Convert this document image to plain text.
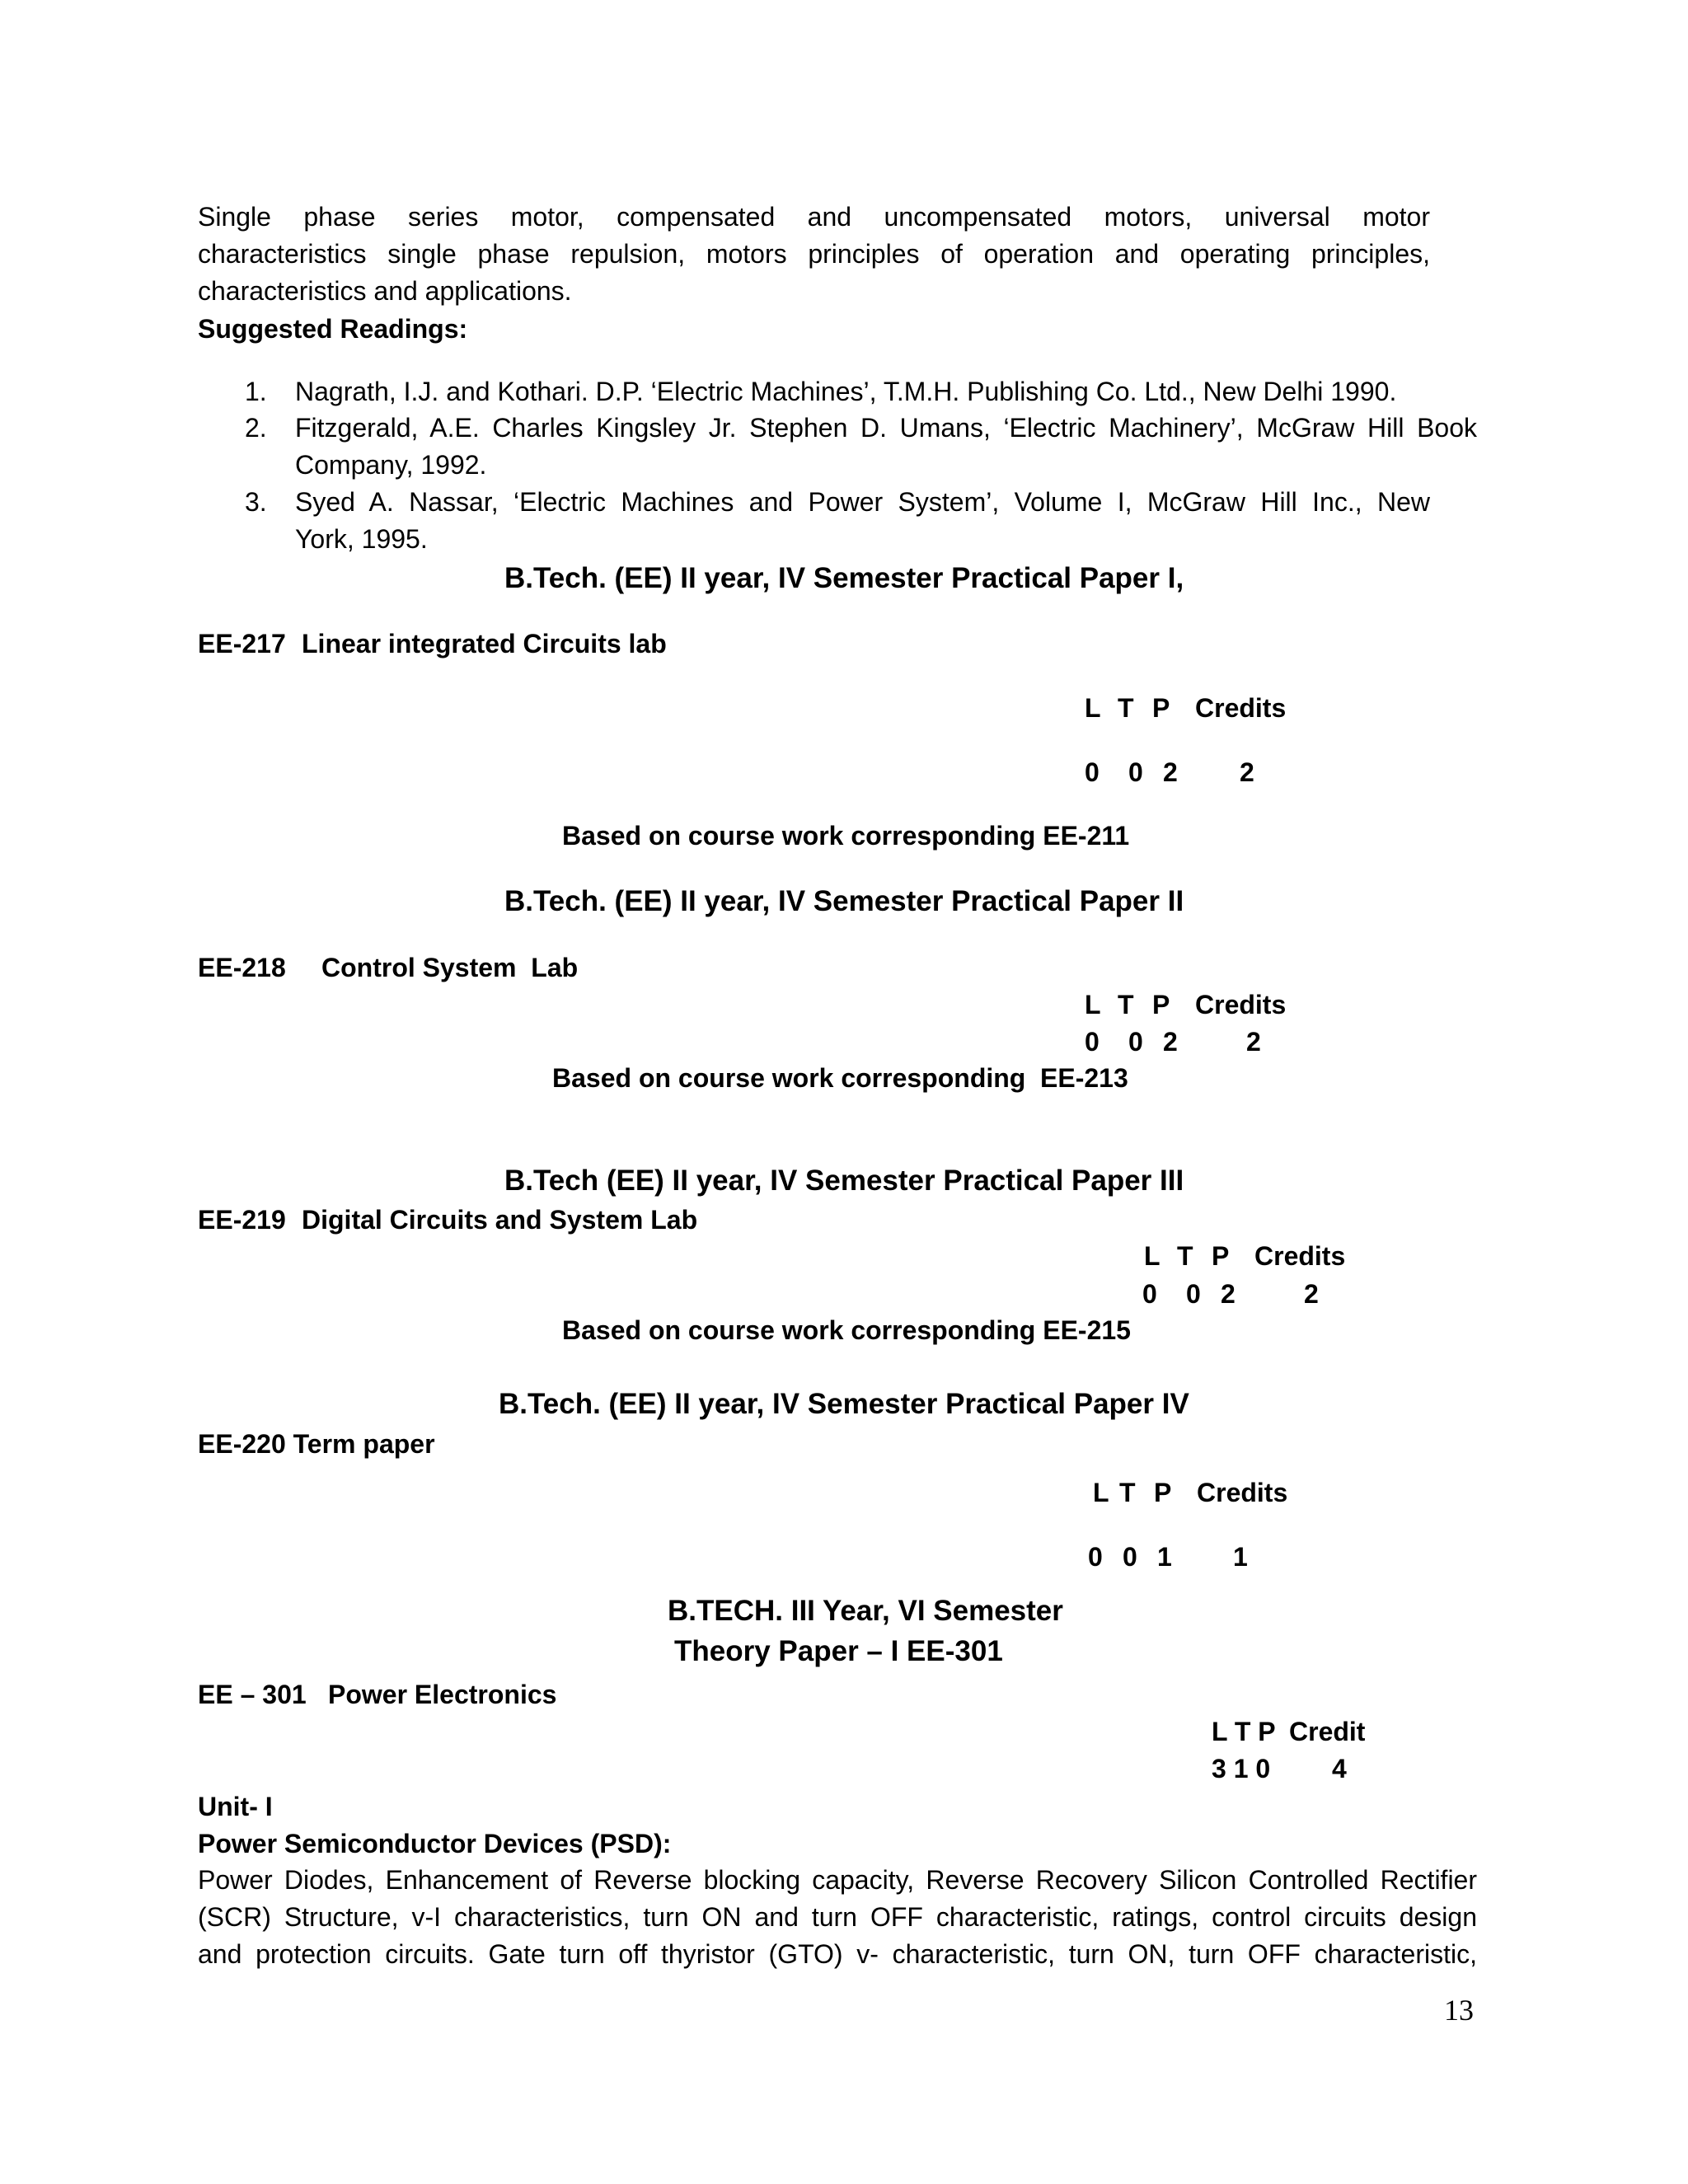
Single phase series motor, compensated and uncompensated motors, universal motor
characteristics single phase repulsion, motors principles of operation and operating principles,
characteristics and applications.
Suggested Readings:
1. Nagrath, I.J. and Kothari. D.P. ‘Electric Machines’, T.M.H. Publishing Co. Ltd., New Delhi 1990.
2. Fitzgerald, A.E. Charles Kingsley Jr. Stephen D. Umans, ‘Electric Machinery’, McGraw Hill Book
Company, 1992.
3. Syed A. Nassar, ‘Electric Machines and Power System’, Volume I, McGraw Hill Inc., New
York, 1995.
B.Tech. (EE) II year, IV Semester Practical Paper I,
EE-217 Linear integrated Circuits lab
L T P Credits
0 0 2 2
Based on course work corresponding EE-211
B.Tech. (EE) II year, IV Semester Practical Paper II
EE-218 Control System  Lab
L T P Credits
0 0 2	2
Based on course work corresponding EE-213
B.Tech (EE) II year, IV Semester Practical Paper III
EE-219 Digital Circuits and System Lab
L T P Credits
0 0 2	2
Based on course work corresponding EE-215
B.Tech. (EE) II year, IV Semester Practical Paper IV
EE-220 Term paper
L T P Credits
0 0 1 1
B.TECH. III Year, VI Semester
Theory Paper – I EE-301
EE – 301 Power Electronics
L T P Credit
3 1 0 4
Unit- I
Power Semiconductor Devices (PSD):
Power Diodes, Enhancement of Reverse blocking capacity, Reverse Recovery Silicon Controlled Rectifier
(SCR) Structure, v-I characteristics, turn ON and turn OFF characteristic, ratings, control circuits design
and protection circuits. Gate turn off thyristor (GTO) v- characteristic, turn ON, turn OFF characteristic,
13
